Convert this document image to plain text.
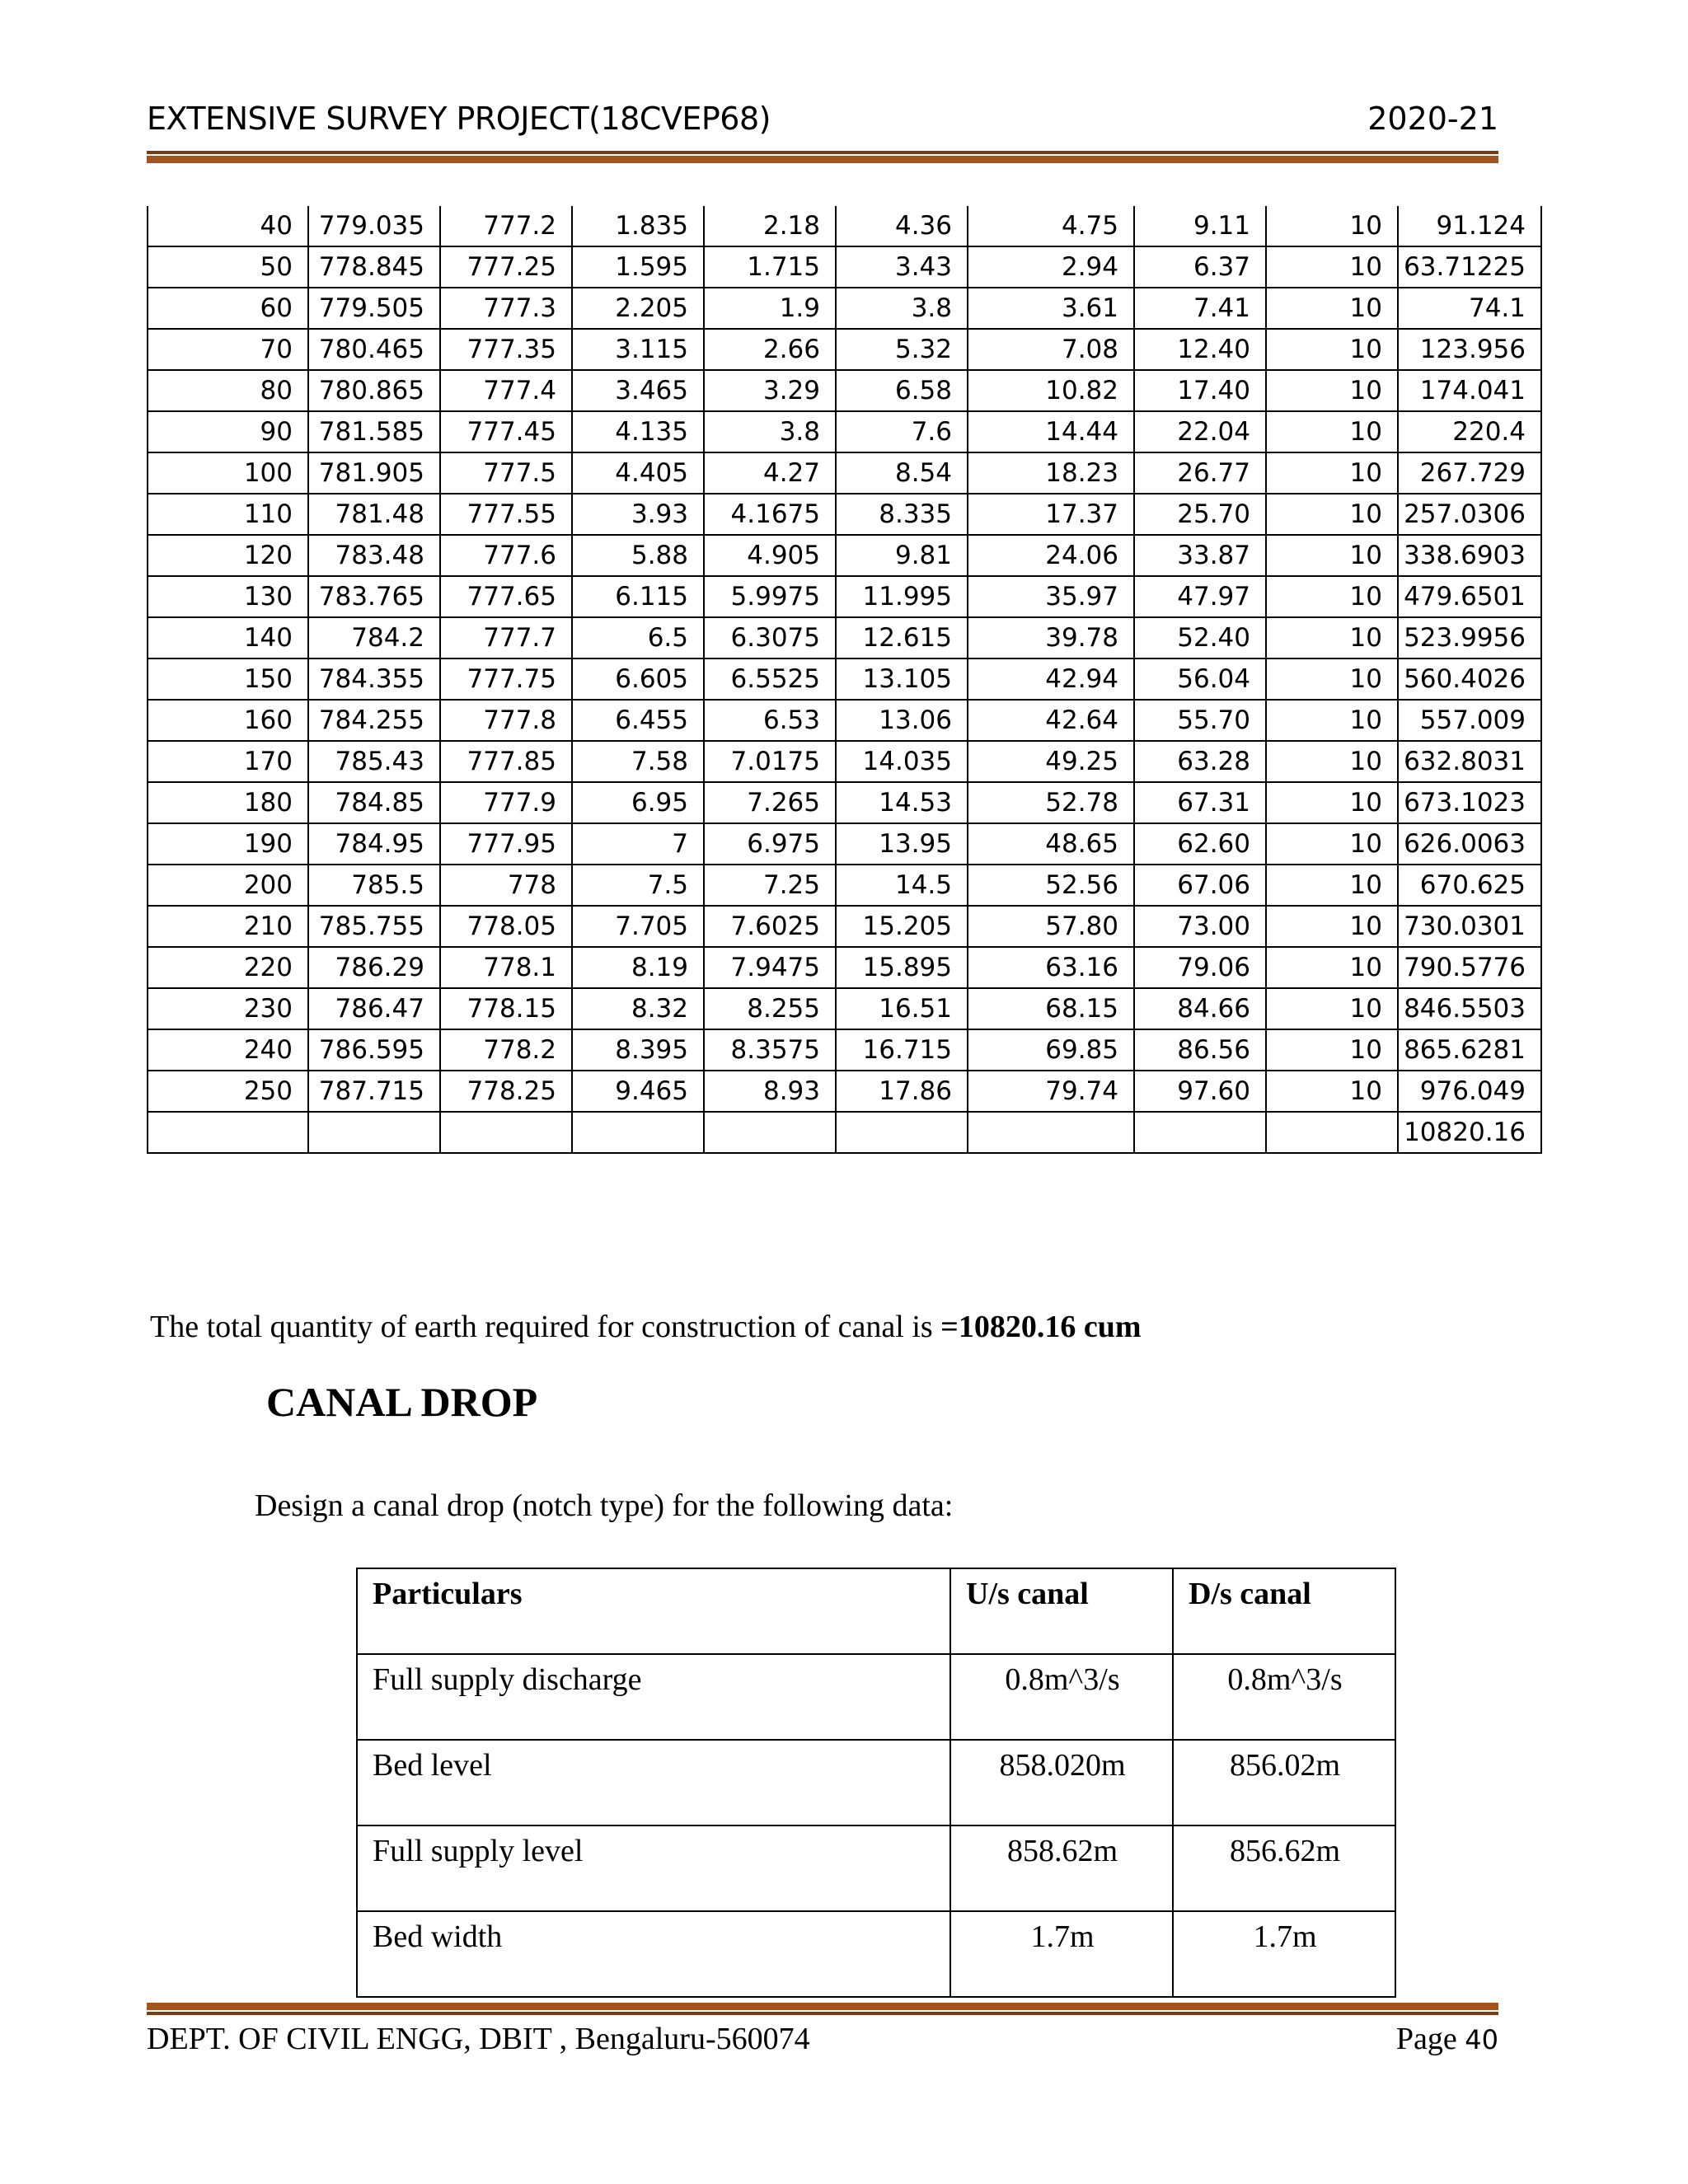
EXTENSIVE SURVEY PROJECT(18CVEP68)	2020-21
40	779.035	777.2	1.835	2.18	4.36	4.75	9.11	10	91.124
50	778.845	777.25	1.595	1.715	3.43	2.94	6.37	10	63.71225
60	779.505	777.3	2.205	1.9	3.8	3.61	7.41	10	74.1
70	780.465	777.35	3.115	2.66	5.32	7.08	12.40	10	123.956
80	780.865	777.4	3.465	3.29	6.58	10.82	17.40	10	174.041
90	781.585	777.45	4.135	3.8	7.6	14.44	22.04	10	220.4
100	781.905	777.5	4.405	4.27	8.54	18.23	26.77	10	267.729
110	781.48	777.55	3.93	4.1675	8.335	17.37	25.70	10	257.0306
120	783.48	777.6	5.88	4.905	9.81	24.06	33.87	10	338.6903
130	783.765	777.65	6.115	5.9975	11.995	35.97	47.97	10	479.6501
140	784.2	777.7	6.5	6.3075	12.615	39.78	52.40	10	523.9956
150	784.355	777.75	6.605	6.5525	13.105	42.94	56.04	10	560.4026
160	784.255	777.8	6.455	6.53	13.06	42.64	55.70	10	557.009
170	785.43	777.85	7.58	7.0175	14.035	49.25	63.28	10	632.8031
180	784.85	777.9	6.95	7.265	14.53	52.78	67.31	10	673.1023
190	784.95	777.95	7	6.975	13.95	48.65	62.60	10	626.0063
200	785.5	778	7.5	7.25	14.5	52.56	67.06	10	670.625
210	785.755	778.05	7.705	7.6025	15.205	57.80	73.00	10	730.0301
220	786.29	778.1	8.19	7.9475	15.895	63.16	79.06	10	790.5776
230	786.47	778.15	8.32	8.255	16.51	68.15	84.66	10	846.5503
240	786.595	778.2	8.395	8.3575	16.715	69.85	86.56	10	865.6281
250	787.715	778.25	9.465	8.93	17.86	79.74	97.60	10	976.049
									10820.16
The total quantity of earth required for construction of canal is =10820.16 cum
CANAL DROP
Design a canal drop (notch type) for the following data:
Particulars	U/s canal	D/s canal
Full supply discharge	0.8m^3/s	0.8m^3/s
Bed level	858.020m	856.02m
Full supply level	858.62m	856.62m
Bed width	1.7m	1.7m
DEPT. OF CIVIL ENGG, DBIT , Bengaluru-560074	Page 40
